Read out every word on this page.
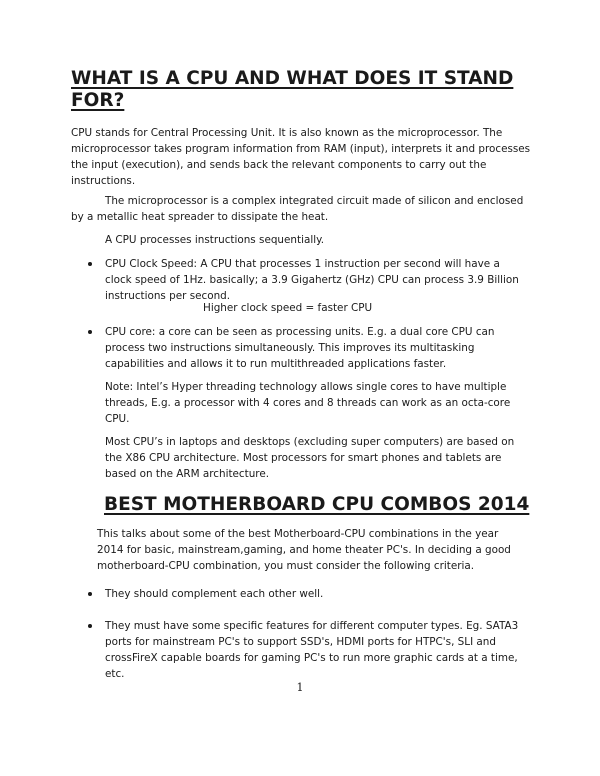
WHAT IS A CPU AND WHAT DOES IT STAND FOR?

CPU stands for Central Processing Unit. It is also known as the microprocessor. The microprocessor takes program information from RAM (input), interprets it and processes the input (execution), and sends back the relevant components to carry out the instructions.

The microprocessor is a complex integrated circuit made of silicon and enclosed by a metallic heat spreader to dissipate the heat.

A CPU processes instructions sequentially.

CPU Clock Speed: A CPU that processes 1 instruction per second will have a clock speed of 1Hz. basically; a 3.9 Gigahertz (GHz) CPU can process 3.9 Billion instructions per second.

Higher clock speed = faster CPU

CPU core: a core can be seen as processing units. E.g. a dual core CPU can process two instructions simultaneously. This improves its multitasking capabilities and allows it to run multithreaded applications faster.

Note: Intel’s Hyper threading technology allows single cores to have multiple threads, E.g. a processor with 4 cores and 8 threads can work as an octa-core CPU.

Most CPU’s in laptops and desktops (excluding super computers) are based on the X86 CPU architecture. Most processors for smart phones and tablets are based on the ARM architecture.

BEST MOTHERBOARD CPU COMBOS 2014

This talks about some of the best Motherboard-CPU combinations in the year 2014 for basic, mainstream,gaming, and home theater PC's. In deciding a good motherboard-CPU combination, you must consider the following criteria.

They should complement each other well.

They must have some specific features for different computer types. Eg. SATA3 ports for mainstream PC's to support SSD's, HDMI ports for HTPC's, SLI and crossFireX capable boards for gaming PC's to run more graphic cards at a time, etc.

1
